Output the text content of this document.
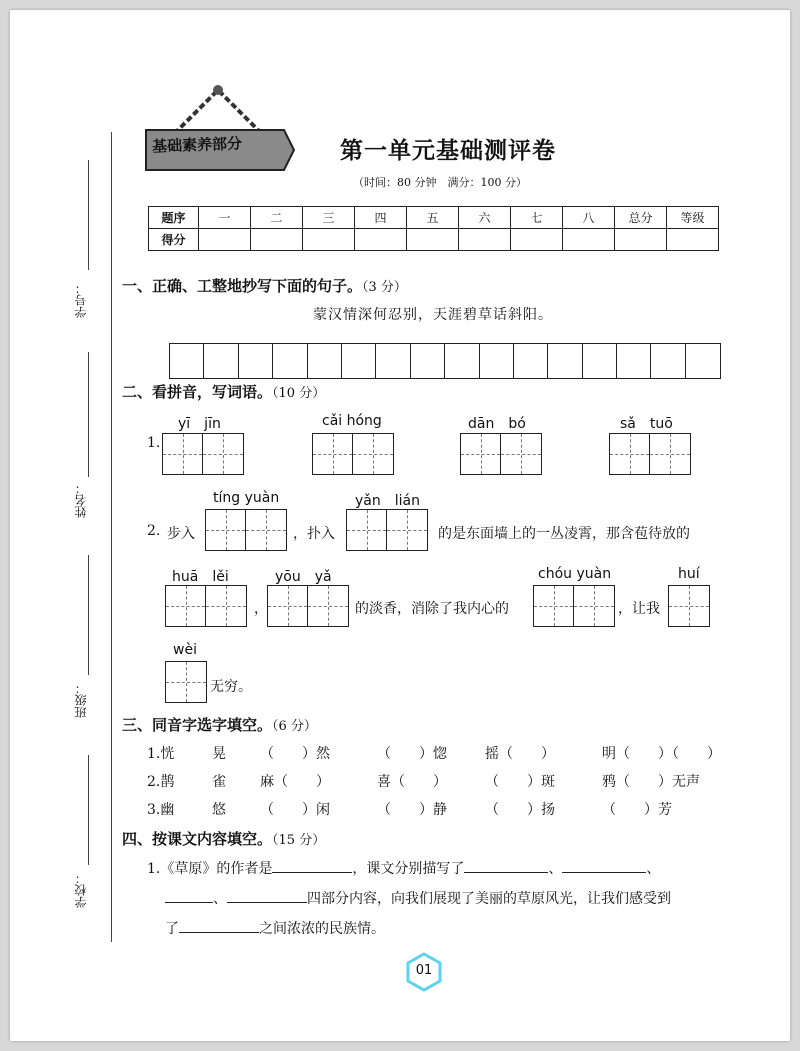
学号：
姓名：
班级：
学校：
基础素养部分	第一单元基础测评卷
（时间：80 分钟　满分：100 分）
题序	一	二	三	四	五	六	七	八	总分	等级
得分										
一、正确、工整地抄写下面的句子。（3 分）
蒙汉情深何忍别，天涯碧草话斜阳。
二、看拼音，写词语。（10 分）
1.
yī　jīn	cǎi hóng	dān　bó	sǎ　tuō
2. 步入
tíng yuàn
，扑入
yǎn　lián
的是东面墙上的一丛凌霄，那含苞待放的
huā　lěi
，
yōu　yǎ
的淡香，消除了我内心的
chóu yuàn
，让我
huí
wèi
无穷。
三、同音字选字填空。（6 分）
1.恍	晃 （　　）然	（　　）惚	摇（　　）	明（　　）（　　）
2.鹊	雀 麻（　　）	喜（　　）	（　　）斑	鸦（　　）无声
3.幽	悠 （　　）闲	（　　）静	（　　）扬	（　　）芳
四、按课文内容填空。（15 分）
1.《草原》的作者是	，课文分别描写了	、	、
、	四部分内容，向我们展现了美丽的草原风光，让我们感受到
了	之间浓浓的民族情。
01
